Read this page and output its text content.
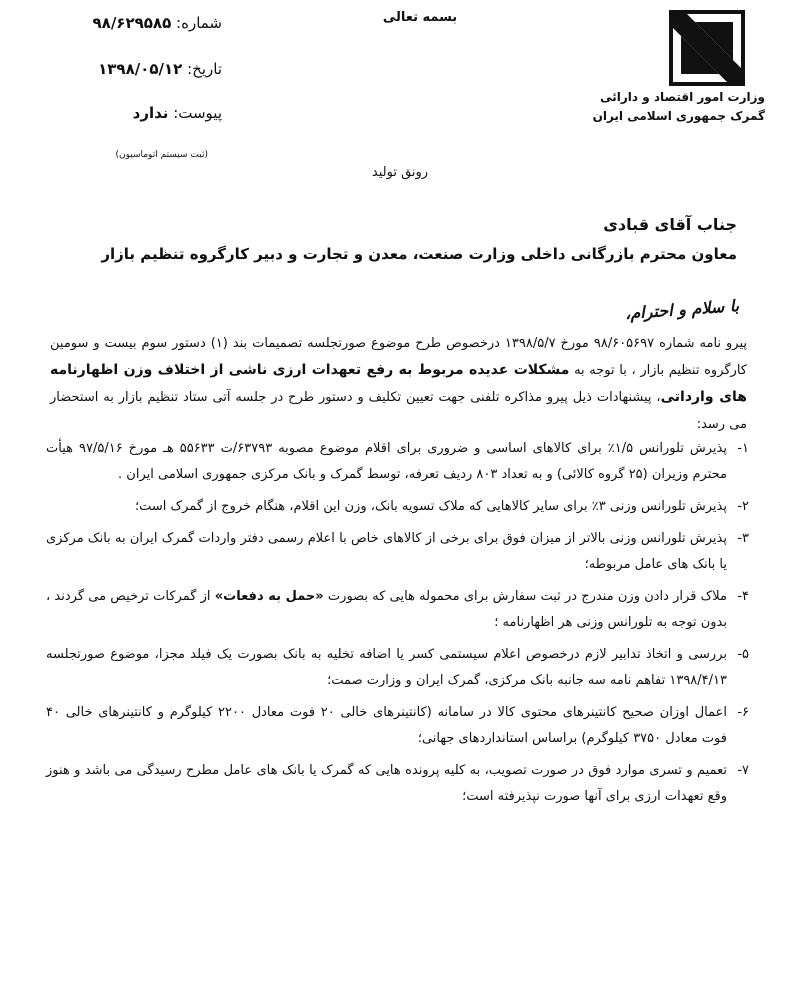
بسمه تعالی
وزارت امور اقتصاد و دارائی
گمرک جمهوری اسلامی ایران
شماره: ۹۸/۶۲۹۵۸۵
تاریخ: ۱۳۹۸/۰۵/۱۲
پیوست: ندارد
(ثبت سیستم اتوماسیون)
رونق تولید
جناب آقای قبادی
معاون محترم بازرگانی داخلی وزارت صنعت، معدن و تجارت و دبیر کارگروه تنظیم بازار
با سلام و احترام،
پیرو نامه شماره ۹۸/۶۰۵۶۹۷ مورخ ۱۳۹۸/۵/۷ درخصوص طرح موضوع صورتجلسه تصمیمات بند (۱) دستور سوم بیست و سومین کارگروه تنظیم بازار ، با توجه به مشکلات عدیده مربوط به رفع تعهدات ارزی ناشی از اختلاف وزن اظهارنامه های وارداتی، پیشنهادات ذیل پیرو مذاکره تلفنی جهت تعیین تکلیف و دستور طرح در جلسه آتی ستاد تنظیم بازار به استحضار می رسد:
۱-
پذیرش تلورانس ۱/۵٪ برای کالاهای اساسی و ضروری برای اقلام موضوع مصوبه ۶۳۷۹۳/ت ۵۵۶۳۳ هـ مورخ ۹۷/۵/۱۶ هیأت محترم وزیران (۲۵ گروه کالائی) و به تعداد ۸۰۳ ردیف تعرفه، توسط گمرک و بانک مرکزی جمهوری اسلامی ایران .
۲-
پذیرش تلورانس وزنی ۳٪ برای سایر کالاهایی که ملاک تسویه بانک، وزن این اقلام، هنگام خروج از گمرک است؛
۳-
پذیرش تلورانس وزنی بالاتر از میزان فوق برای برخی از کالاهای خاص با اعلام رسمی دفتر واردات گمرک ایران به بانک مرکزی یا بانک های عامل مربوطه؛
۴-
ملاک قرار دادن وزن مندرج در ثبت سفارش برای محموله هایی که بصورت «حمل به دفعات» از گمرکات ترخیص می گردند ، بدون توجه به تلورانس وزنی هر اظهارنامه ؛
۵-
بررسی و اتخاذ تدابیر لازم درخصوص اعلام سیستمی کسر یا اضافه تخلیه به بانک بصورت یک فیلد مجزا، موضوع صورتجلسه ۱۳۹۸/۴/۱۳ تفاهم نامه سه جانبه بانک مرکزی، گمرک ایران و وزارت صمت؛
۶-
اعمال اوزان صحیح کانتینرهای محتوی کالا در سامانه (کانتینرهای خالی ۲۰ فوت معادل ۲۲۰۰ کیلوگرم و کانتینرهای خالی ۴۰ فوت معادل ۳۷۵۰ کیلوگرم) براساس استانداردهای جهانی؛
۷-
تعمیم و تسری موارد فوق در صورت تصویب، به کلیه پرونده هایی که گمرک یا بانک های عامل مطرح رسیدگی می باشد و هنوز وقع تعهدات ارزی برای آنها صورت نپذیرفته است؛
